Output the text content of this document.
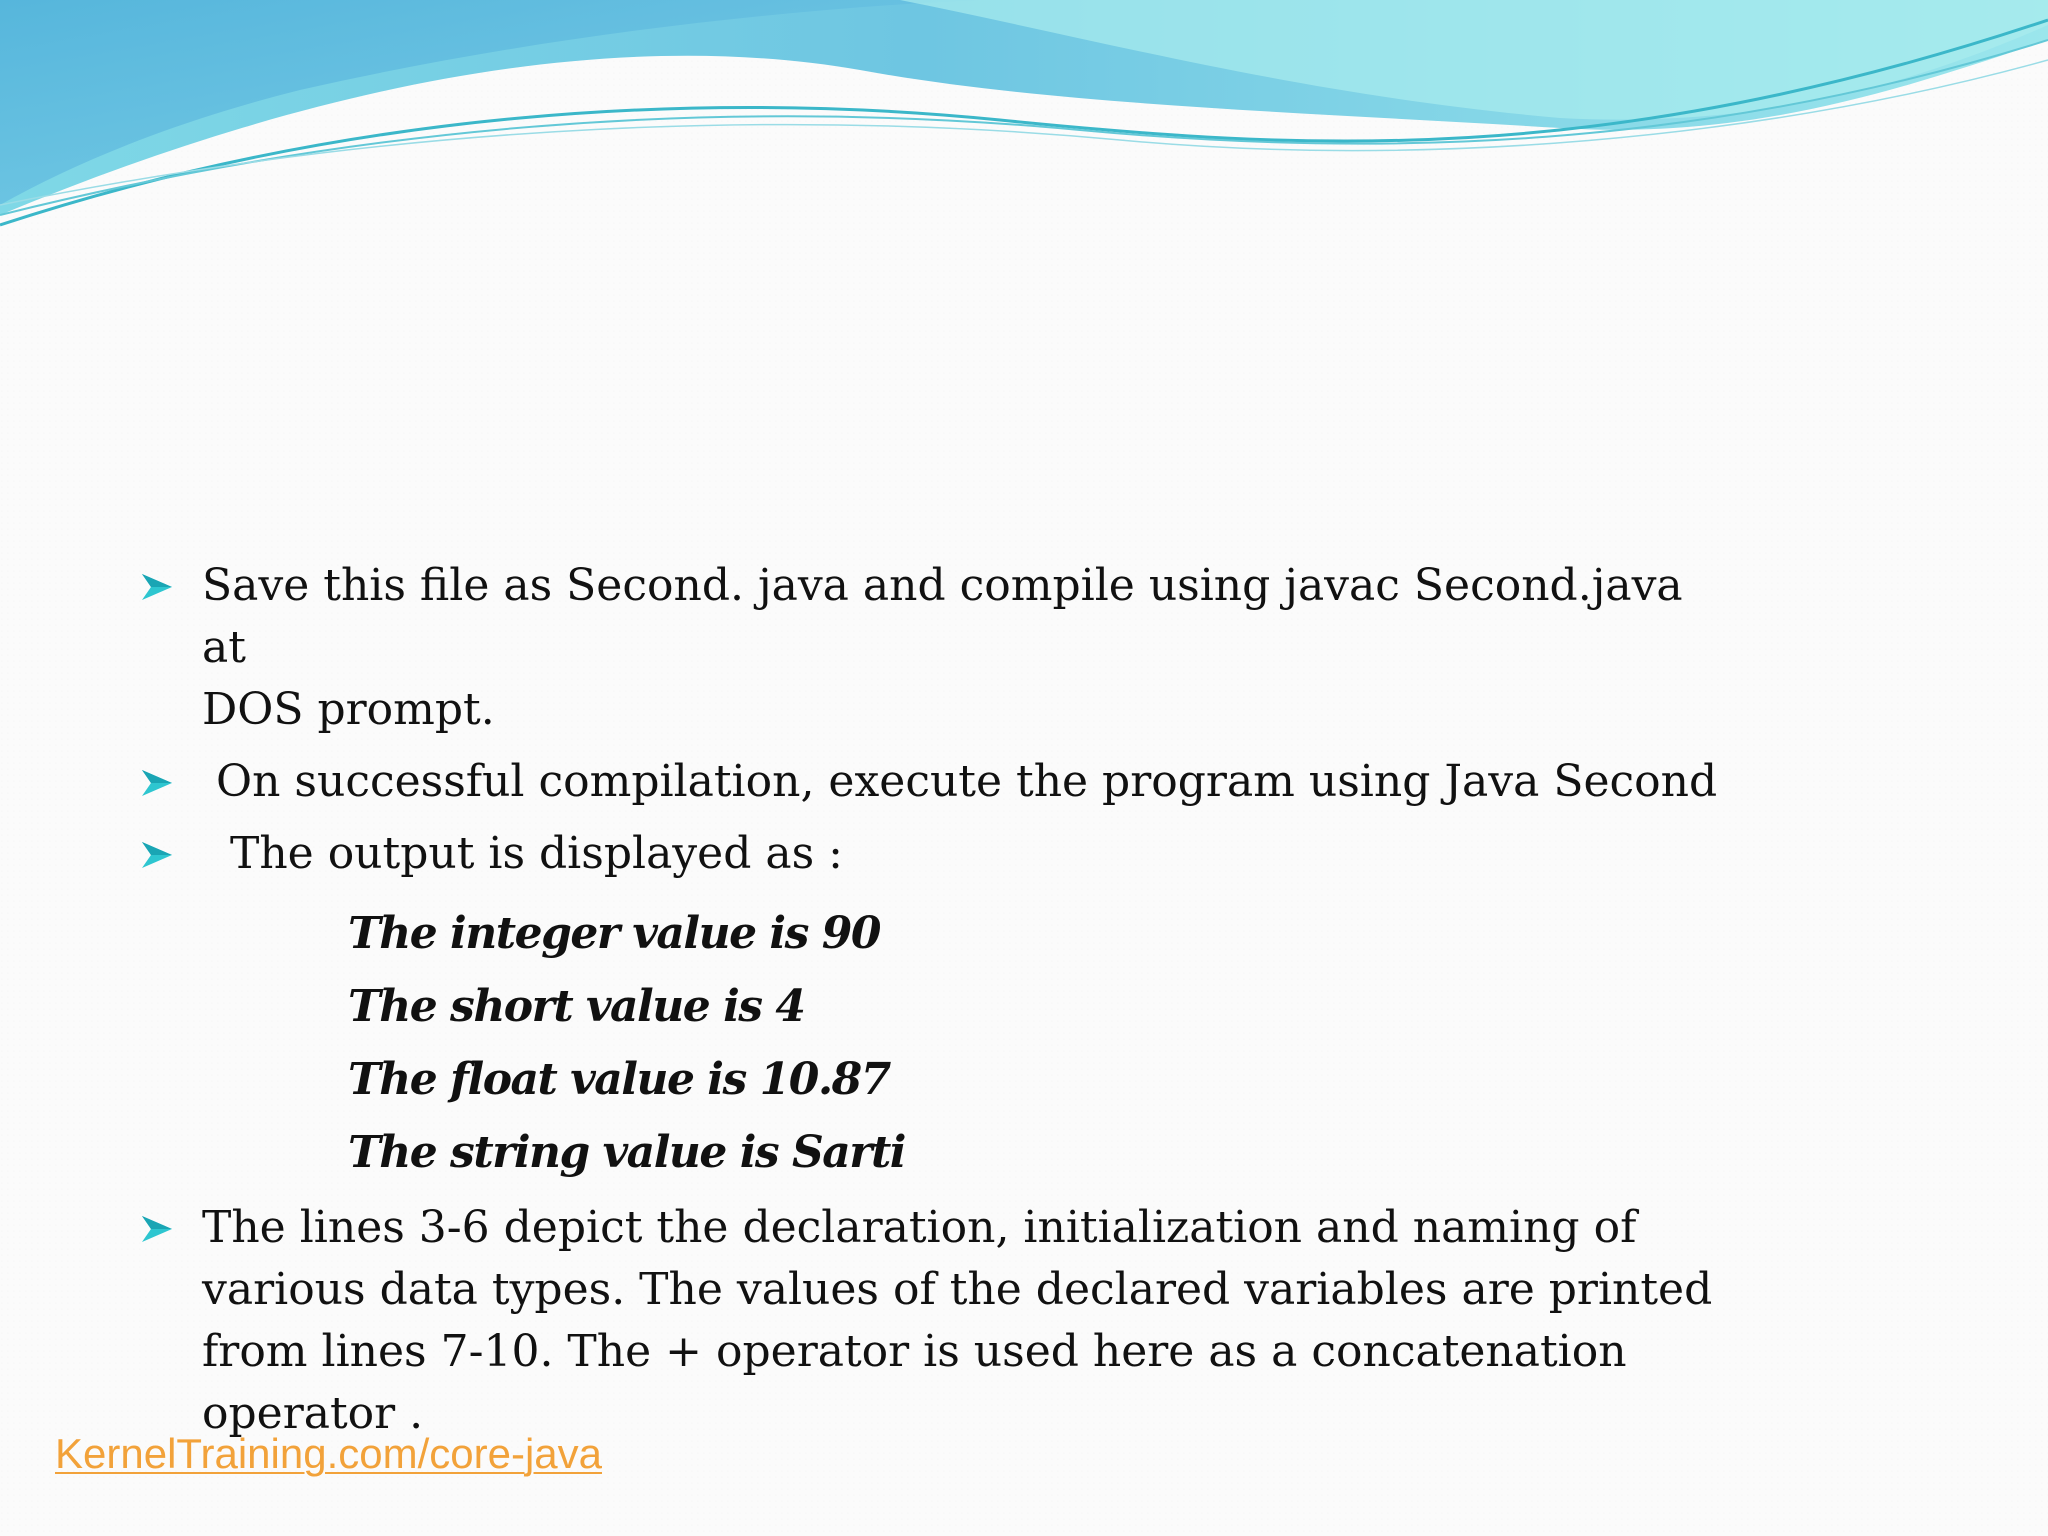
Save this file as Second. java and compile using javac Second.java at
DOS prompt.

On successful compilation, execute the program using Java Second

The output is displayed as :

The integer value is 90
The short value is 4
The float value is 10.87
The string value is Sarti

The lines 3-6 depict the declaration, initialization and naming of
various data types. The values of the declared variables are printed
from lines 7-10. The + operator is used here as a concatenation
operator .

KernelTraining.com/core-java
